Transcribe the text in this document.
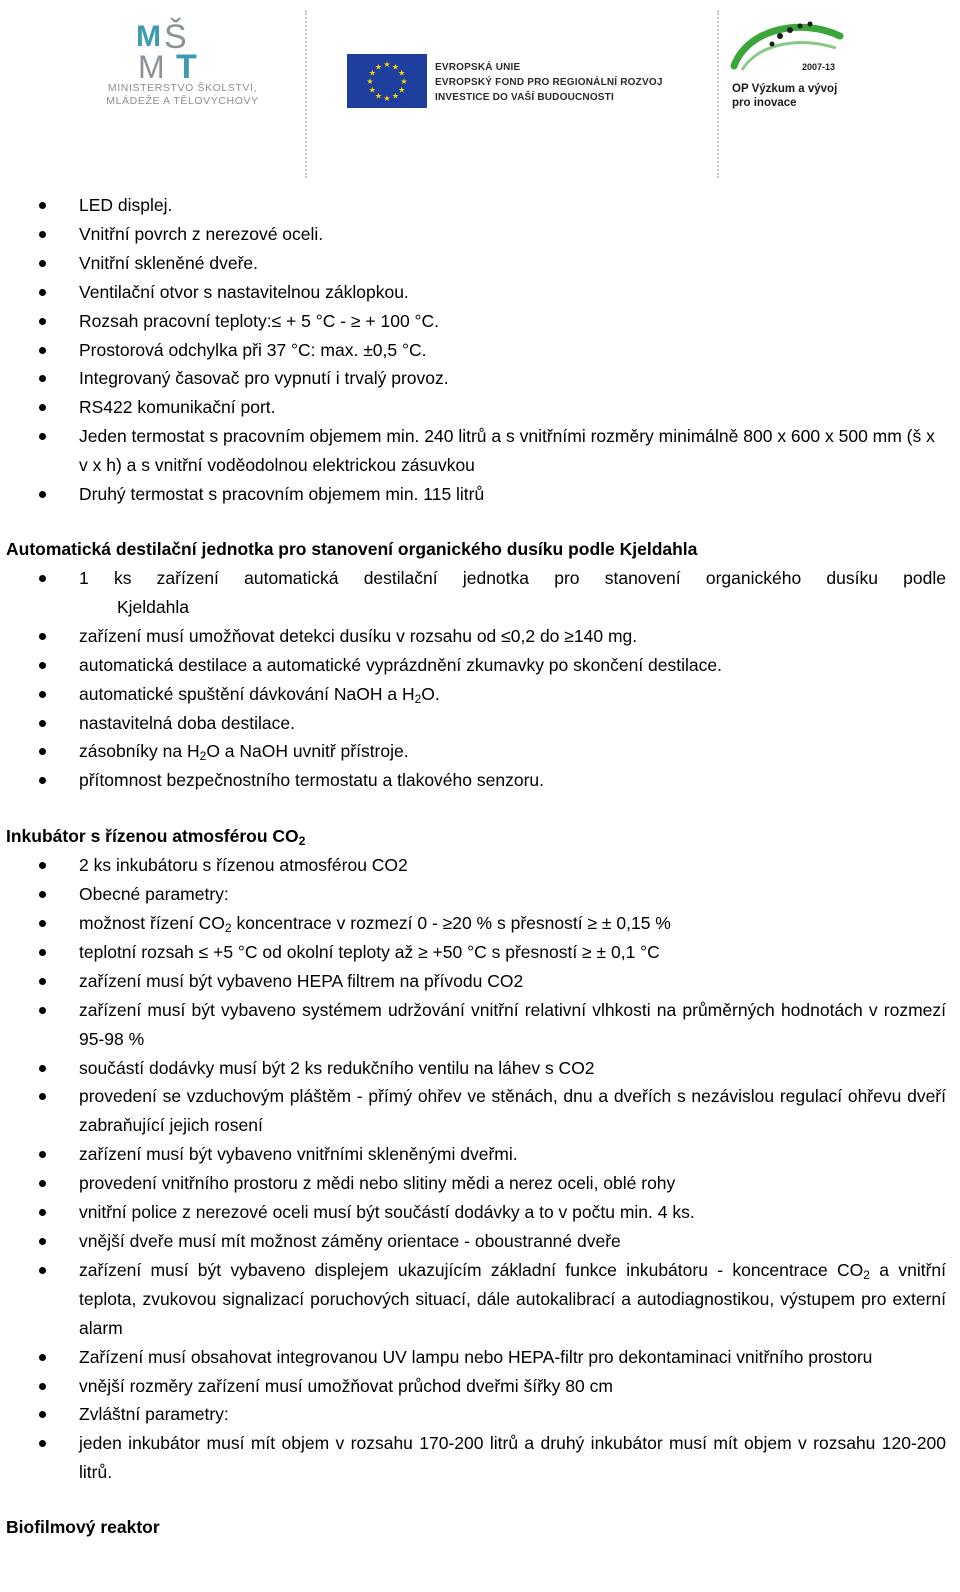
M Š
M T
MINISTERSTVO ŠKOLSTVÍ,
MLÁDEŽE A TĚLOVÝCHOVY
★ ★
★
★
★
★
★
★
★
★
★
★	EVROPSKÁ UNIE
EVROPSKÝ FOND PRO REGIONÁLNÍ ROZVOJ
INVESTICE DO VAŠÍ BUDOUCNOSTI
2007-13
OP Výzkum a vývoj
pro inovace
LED displej.
Vnitřní povrch z nerezové oceli.
Vnitřní skleněné dveře.
Ventilační otvor s nastavitelnou záklopkou.
Rozsah pracovní teploty:≤ + 5 °C - ≥ + 100 °C.
Prostorová odchylka při 37 °C: max. ±0,5 °C.
Integrovaný časovač pro vypnutí i trvalý provoz.
RS422 komunikační port.
Jeden termostat s pracovním objemem min. 240 litrů a s vnitřními rozměry minimálně 800 x 600 x 500 mm (š x v x h) a s vnitřní voděodolnou elektrickou zásuvkou
Druhý termostat s pracovním objemem min. 115 litrů
Automatická destilační jednotka pro stanovení organického dusíku podle Kjeldahla
1 ks zařízení automatická destilační jednotka pro stanovení organického dusíku podle
Kjeldahla
zařízení musí umožňovat detekci dusíku v rozsahu od ≤0,2 do ≥140 mg.
automatická destilace a automatické vyprázdnění zkumavky po skončení destilace.
automatické spuštění dávkování NaOH a $H_2O$.
nastavitelná doba destilace.
zásobníky na $H_2O$ a NaOH uvnitř přístroje.
přítomnost bezpečnostního termostatu a tlakového senzoru.
Inkubátor s řízenou atmosférou $CO_2$
2 ks inkubátoru s řízenou atmosférou CO2
Obecné parametry:
možnost řízení $CO_2$ koncentrace v rozmezí 0 - ≥20 % s přesností ≥ ± 0,15 %
teplotní rozsah ≤ +5 °C od okolní teploty až ≥ +50 °C s přesností ≥ ± 0,1 °C
zařízení musí být vybaveno HEPA filtrem na přívodu CO2
zařízení musí být vybaveno systémem udržování vnitřní relativní vlhkosti na průměrných hodnotách v rozmezí 95-98 %
součástí dodávky musí být 2 ks redukčního ventilu na láhev s CO2
provedení se vzduchovým pláštěm - přímý ohřev ve stěnách, dnu a dveřích s nezávislou regulací ohřevu dveří zabraňující jejich rosení
zařízení musí být vybaveno vnitřními skleněnými dveřmi.
provedení vnitřního prostoru z mědi nebo slitiny mědi a nerez oceli, oblé rohy
vnitřní police z nerezové oceli musí být součástí dodávky a to v počtu min. 4 ks.
vnější dveře musí mít možnost záměny orientace - oboustranné dveře
zařízení musí být vybaveno displejem ukazujícím základní funkce inkubátoru - koncentrace $CO_2$ a vnitřní teplota, zvukovou signalizací poruchových situací, dále autokalibrací a autodiagnostikou, výstupem pro externí alarm
Zařízení musí obsahovat integrovanou UV lampu nebo HEPA-filtr pro dekontaminaci vnitřního prostoru
vnější rozměry zařízení musí umožňovat průchod dveřmi šířky 80 cm
Zvláštní parametry:
jeden inkubátor musí mít objem v rozsahu 170-200 litrů a druhý inkubátor musí mít objem v rozsahu 120-200 litrů.
Biofilmový reaktor
